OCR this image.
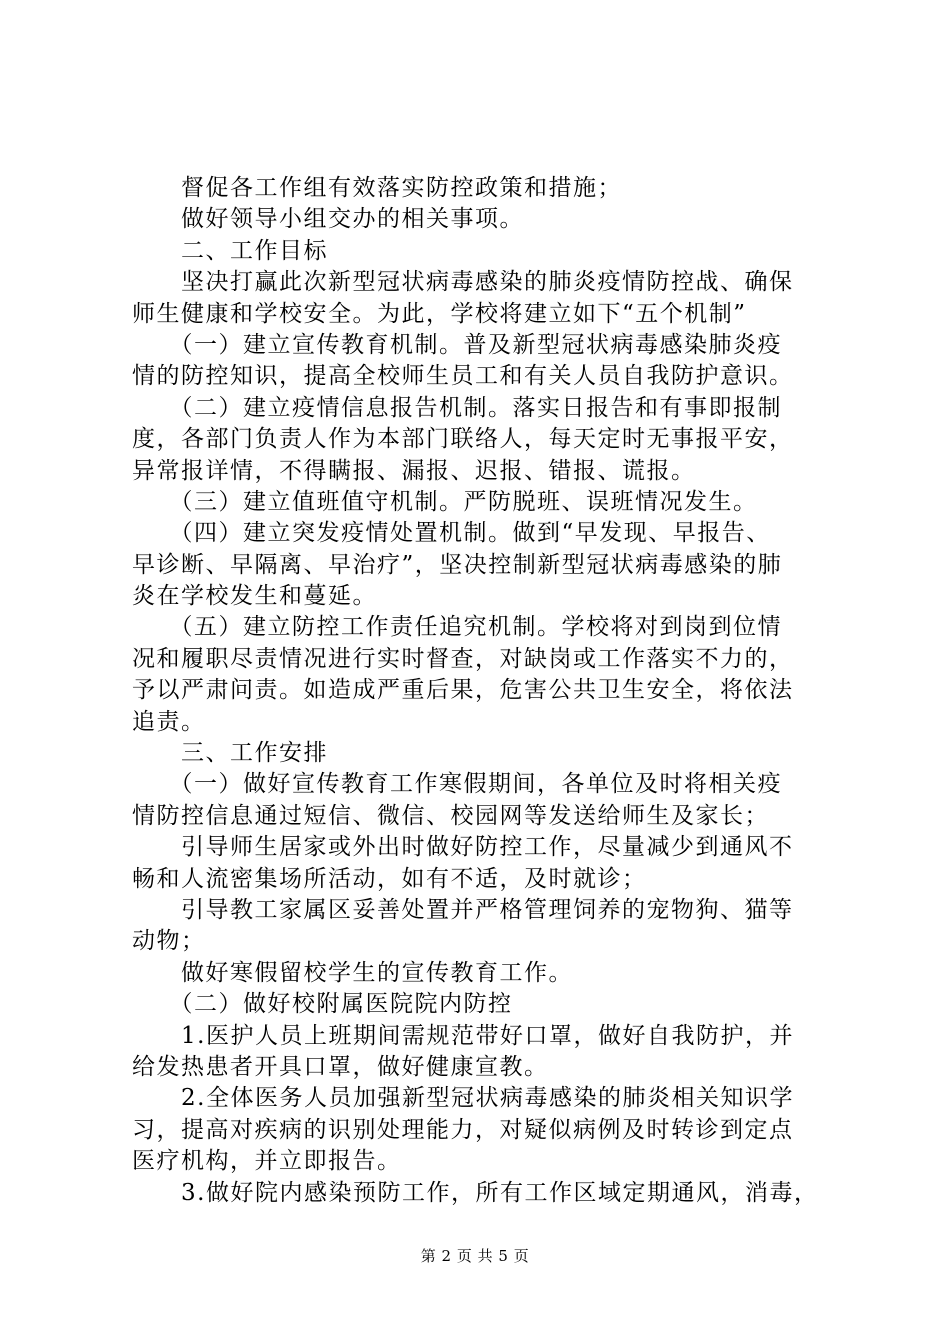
　　督促各工作组有效落实防控政策和措施；
　　做好领导小组交办的相关事项。
　　二、工作目标
　　坚决打赢此次新型冠状病毒感染的肺炎疫情防控战、确保
师生健康和学校安全。为此，学校将建立如下“五个机制”
　　（一）建立宣传教育机制。普及新型冠状病毒感染肺炎疫
情的防控知识，提高全校师生员工和有关人员自我防护意识。
　　（二）建立疫情信息报告机制。落实日报告和有事即报制
度，各部门负责人作为本部门联络人，每天定时无事报平安，
异常报详情，不得瞒报、漏报、迟报、错报、谎报。
　　（三）建立值班值守机制。严防脱班、误班情况发生。
　　（四）建立突发疫情处置机制。做到“早发现、早报告、
早诊断、早隔离、早治疗”，坚决控制新型冠状病毒感染的肺
炎在学校发生和蔓延。
　　（五）建立防控工作责任追究机制。学校将对到岗到位情
况和履职尽责情况进行实时督查，对缺岗或工作落实不力的，
予以严肃问责。如造成严重后果，危害公共卫生安全，将依法
追责。
　　三、工作安排
　　（一）做好宣传教育工作寒假期间，各单位及时将相关疫
情防控信息通过短信、微信、校园网等发送给师生及家长；
　　引导师生居家或外出时做好防控工作，尽量减少到通风不
畅和人流密集场所活动，如有不适，及时就诊；
　　引导教工家属区妥善处置并严格管理饲养的宠物狗、猫等
动物；
　　做好寒假留校学生的宣传教育工作。
　　（二）做好校附属医院院内防控
　　1.医护人员上班期间需规范带好口罩，做好自我防护，并
给发热患者开具口罩，做好健康宣教。
　　2.全体医务人员加强新型冠状病毒感染的肺炎相关知识学
习，提高对疾病的识别处理能力，对疑似病例及时转诊到定点
医疗机构，并立即报告。
　　3.做好院内感染预防工作，所有工作区域定期通风，消毒，
第 2 页 共 5 页
